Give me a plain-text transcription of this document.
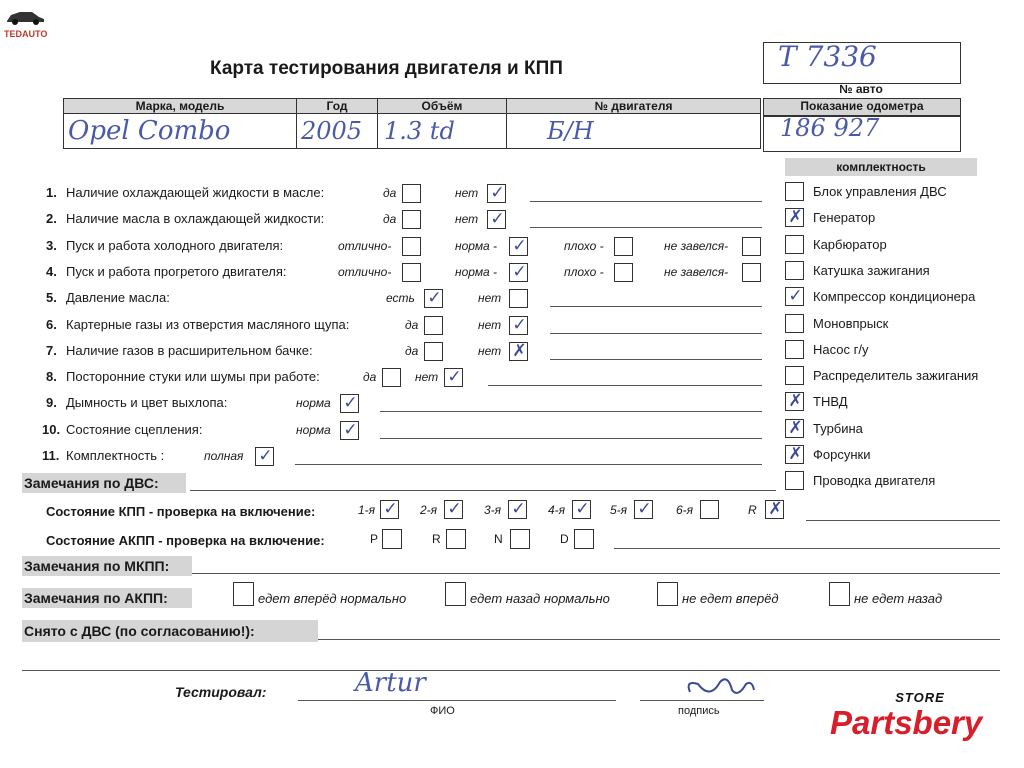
TEDAUTO
Карта тестирования двигателя и КПП	Т 7336
№ авто
Показание одометра
186 927
Марка, модель	Год	Объём	№ двигателя
Opel Combo	2005	1.3 td	Б/Н
комплектность
Блок управления ДВС
✗ Генератор
Карбюратор
Катушка зажигания
✓ Компрессор кондиционера
Моновпрыск
Насос г/у
Распределитель зажигания
✗ ТНВД
✗ Турбина
✗ Форсунки
Проводка двигателя
1. Наличие охлаждающей жидкости в масле:	да	нет ✓
2. Наличие масла в охлаждающей жидкости:	да	нет ✓
3. Пуск и работа холодного двигателя:	отлично-	норма - ✓	плохо -	не завелся-
4. Пуск и работа прогретого двигателя:	отлично-	норма - ✓	плохо -	не завелся-
5. Давление масла:	есть ✓	нет
6. Картерные газы из отверстия масляного щупа:	да	нет ✓
7. Наличие газов в расширительном бачке:	да	нет ✗
8. Посторонние стуки или шумы при работе:	да	нет ✓
9. Дымность и цвет выхлопа:	норма ✓
10. Состояние сцепления:	норма ✓
11. Комплектность :	полная ✓
Замечания по ДВС:
Состояние КПП - проверка на включение:	1-я ✓ 2-я ✓ 3-я ✓ 4-я ✓ 5-я ✓ 6-я	R ✗
Состояние АКПП - проверка на включение:	P	R	N	D
Замечания по МКПП:
Замечания по АКПП:	едет вперёд нормально	едет назад нормально	не едет вперёд	не едет назад
Снято с ДВС (по согласованию!):
Тестировал:	Artur
ФИО	подпись
STORE
Partsbery
